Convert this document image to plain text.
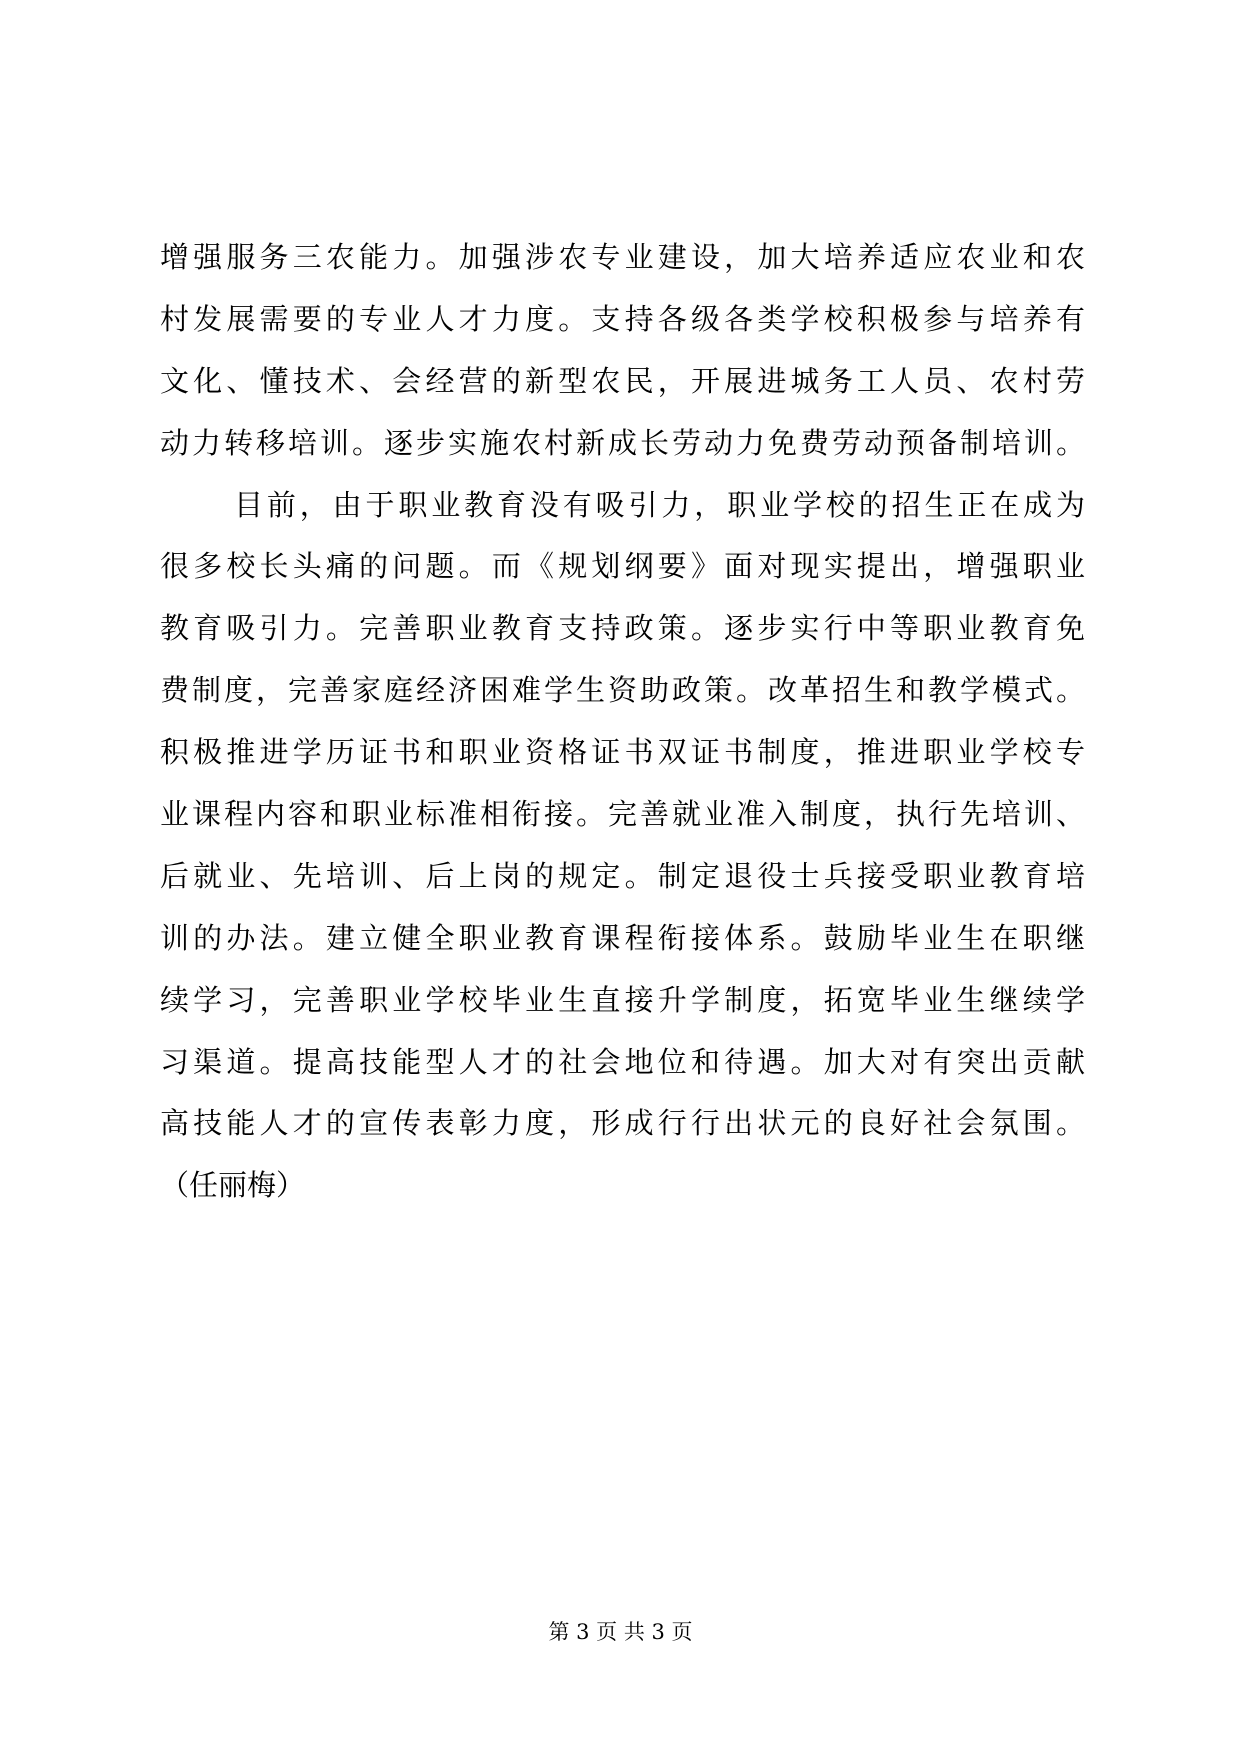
增强服务三农能力。加强涉农专业建设，加大培养适应农业和农
村发展需要的专业人才力度。支持各级各类学校积极参与培养有
文化、懂技术、会经营的新型农民，开展进城务工人员、农村劳
动力转移培训。逐步实施农村新成长劳动力免费劳动预备制培训。
目前，由于职业教育没有吸引力，职业学校的招生正在成为
很多校长头痛的问题。而《规划纲要》面对现实提出，增强职业
教育吸引力。完善职业教育支持政策。逐步实行中等职业教育免
费制度，完善家庭经济困难学生资助政策。改革招生和教学模式。
积极推进学历证书和职业资格证书双证书制度，推进职业学校专
业课程内容和职业标准相衔接。完善就业准入制度，执行先培训、
后就业、先培训、后上岗的规定。制定退役士兵接受职业教育培
训的办法。建立健全职业教育课程衔接体系。鼓励毕业生在职继
续学习，完善职业学校毕业生直接升学制度，拓宽毕业生继续学
习渠道。提高技能型人才的社会地位和待遇。加大对有突出贡献
高技能人才的宣传表彰力度，形成行行出状元的良好社会氛围。
（任丽梅）
第 3 页 共 3 页
